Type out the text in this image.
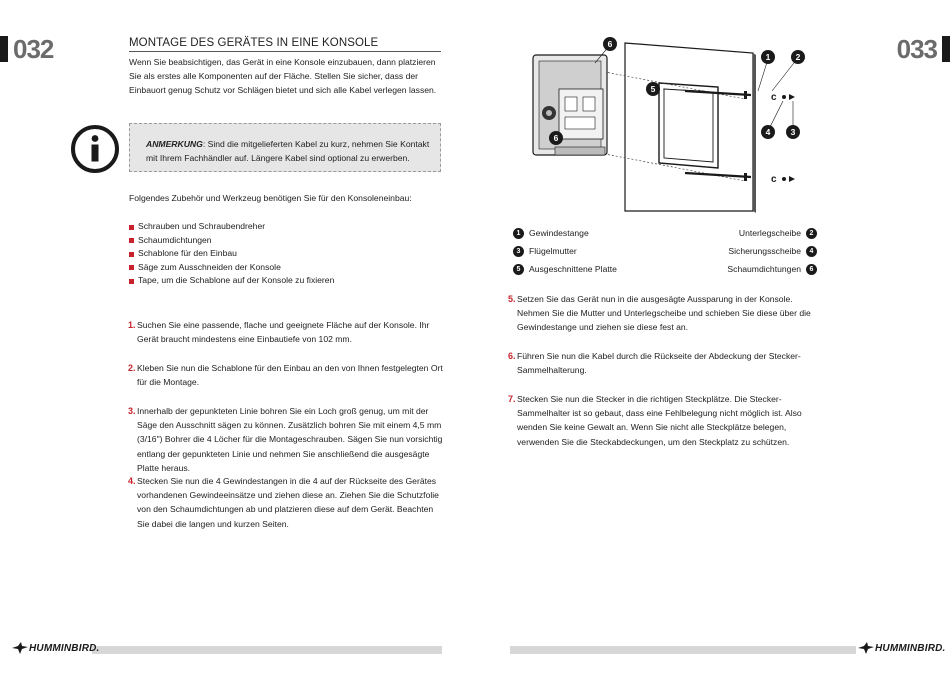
032	MONTAGE DES GERÄTES IN EINE KONSOLE

Wenn Sie beabsichtigen, das Gerät in eine Konsole einzubauen, dann platzieren Sie als erstes alle Komponenten auf der Fläche. Stellen Sie sicher, dass der Einbauort genug Schutz vor Schlägen bietet und sich alle Kabel verlegen lassen.

ANMERKUNG: Sind die mitgelieferten Kabel zu kurz, nehmen Sie Kontakt mit Ihrem Fachhändler auf. Längere Kabel sind optional zu erwerben.

Folgendes Zubehör und Werkzeug benötigen Sie für den Konsoleneinbau:

Schrauben und Schraubendreher
Schaumdichtungen
Schablone für den Einbau
Säge zum Ausschneiden der Konsole
Tape, um die Schablone auf der Konsole zu fixieren
1. Suchen Sie eine passende, flache und geeignete Fläche auf der Konsole. Ihr Gerät braucht mindestens eine Einbautiefe von 102 mm.
2. Kleben Sie nun die Schablone für den Einbau an den von Ihnen festgelegten Ort für die Montage.
3. Innerhalb der gepunkteten Linie bohren Sie ein Loch groß genug, um mit der Säge den Ausschnitt sägen zu können. Zusätzlich bohren Sie mit einem 4,5 mm (3/16") Bohrer die 4 Löcher für die Montageschrauben. Sägen Sie nun vorsichtig entlang der gepunkteten Linie und nehmen Sie anschließend die ausgesägte Platte heraus.
4. Stecken Sie nun die 4 Gewindestangen in die 4 auf der Rückseite des Gerätes vorhandenen Gewindeeinsätze und ziehen diese an. Ziehen Sie die Schutzfolie von den Schaumdichtungen ab und platzieren diese auf dem Gerät. Beachten Sie dabei die langen und kurzen Seiten.
033
c
c
6
5
6
1	2
4 3
1 Gewindestange	Unterlegscheibe 2
3 Flügelmutter	Sicherungsscheibe 4
5 Ausgeschnittene Platte	Schaumdichtungen 6
5. Setzen Sie das Gerät nun in die ausgesägte Aussparung in der Konsole. Nehmen Sie die Mutter und Unterlegscheibe und schieben Sie diese über die Gewindestange und ziehen sie diese fest an.
6. Führen Sie nun die Kabel durch die Rückseite der Abdeckung der Stecker-Sammelhalterung.
7. Stecken Sie nun die Stecker in die richtigen Steckplätze. Die Stecker-Sammelhalter ist so gebaut, dass eine Fehlbelegung nicht möglich ist. Also wenden Sie keine Gewalt an. Wenn Sie nicht alle Steckplätze belegen, verwenden Sie die Steckabdeckungen, um den Steckplatz zu schützen.
HUMMINBIRD.	HUMMINBIRD.
